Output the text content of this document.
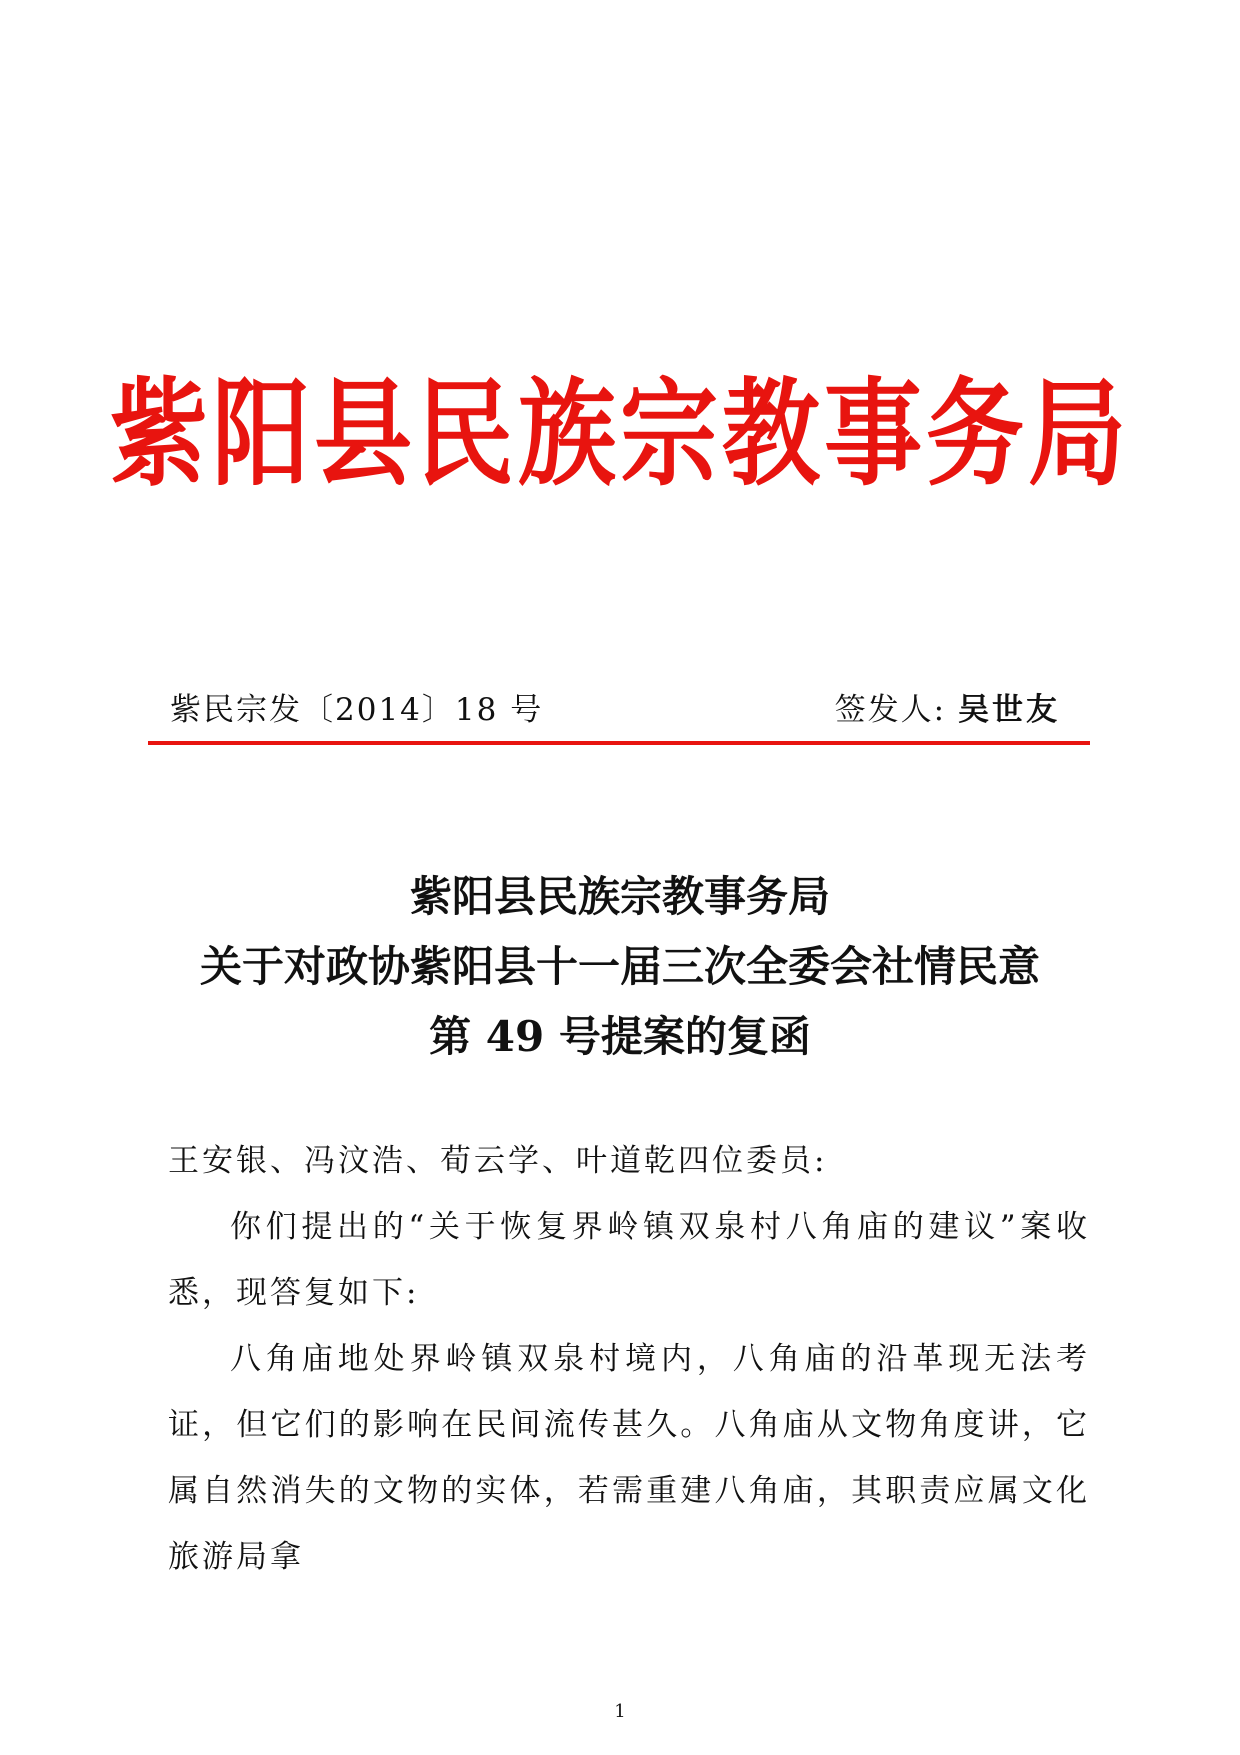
紫阳县民族宗教事务局
紫民宗发〔2014〕18 号	签发人: 吴世友
紫阳县民族宗教事务局
关于对政协紫阳县十一届三次全委会社情民意
第 49 号提案的复函

王安银、冯汶浩、荀云学、叶道乾四位委员:

你们提出的“关于恢复界岭镇双泉村八角庙的建议”案收悉，现答复如下:

八角庙地处界岭镇双泉村境内，八角庙的沿革现无法考证，但它们的影响在民间流传甚久。八角庙从文物角度讲，它属自然消失的文物的实体，若需重建八角庙，其职责应属文化旅游局拿

1
